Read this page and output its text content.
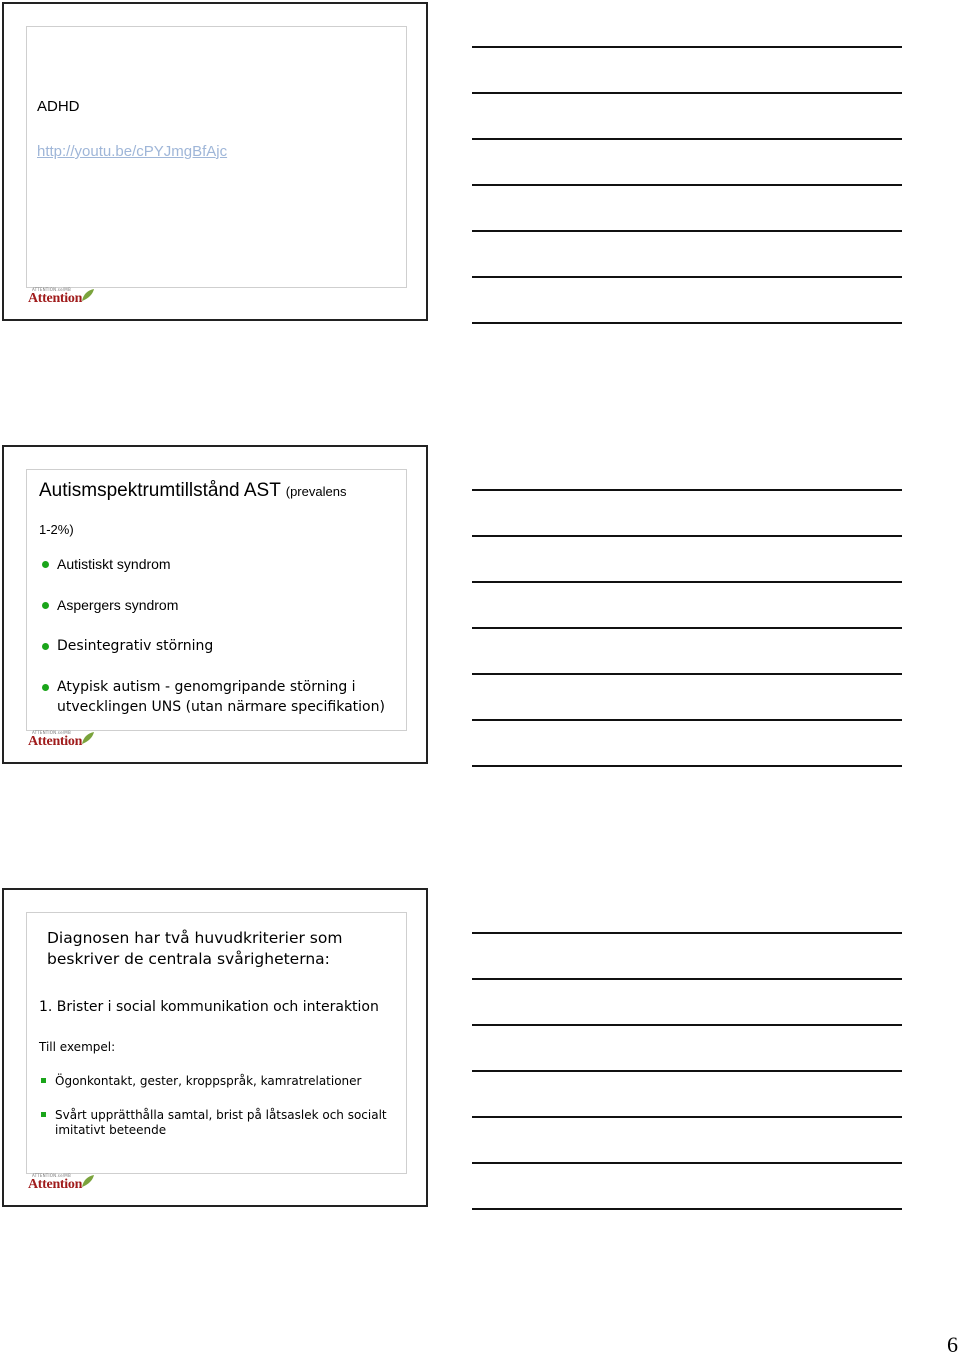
ADHD
http://youtu.be/cPYJmgBfAjc
ATTENTION.se/MB
Attention
Autismspektrumtillstånd AST (prevalens
1-2%)
Autistiskt syndrom
Aspergers syndrom
Desintegrativ störning
Atypisk autism - genomgripande störning i
utvecklingen UNS (utan närmare specifikation)
ATTENTION.se/MB
Attention
Diagnosen har två huvudkriterier som
beskriver de centrala svårigheterna:
1. Brister i social kommunikation och interaktion
Till exempel:
Ögonkontakt, gester, kroppspråk, kamratrelationer
Svårt upprätthålla samtal, brist på låtsaslek och socialt
imitativt beteende
ATTENTION.se/MB
Attention
6
